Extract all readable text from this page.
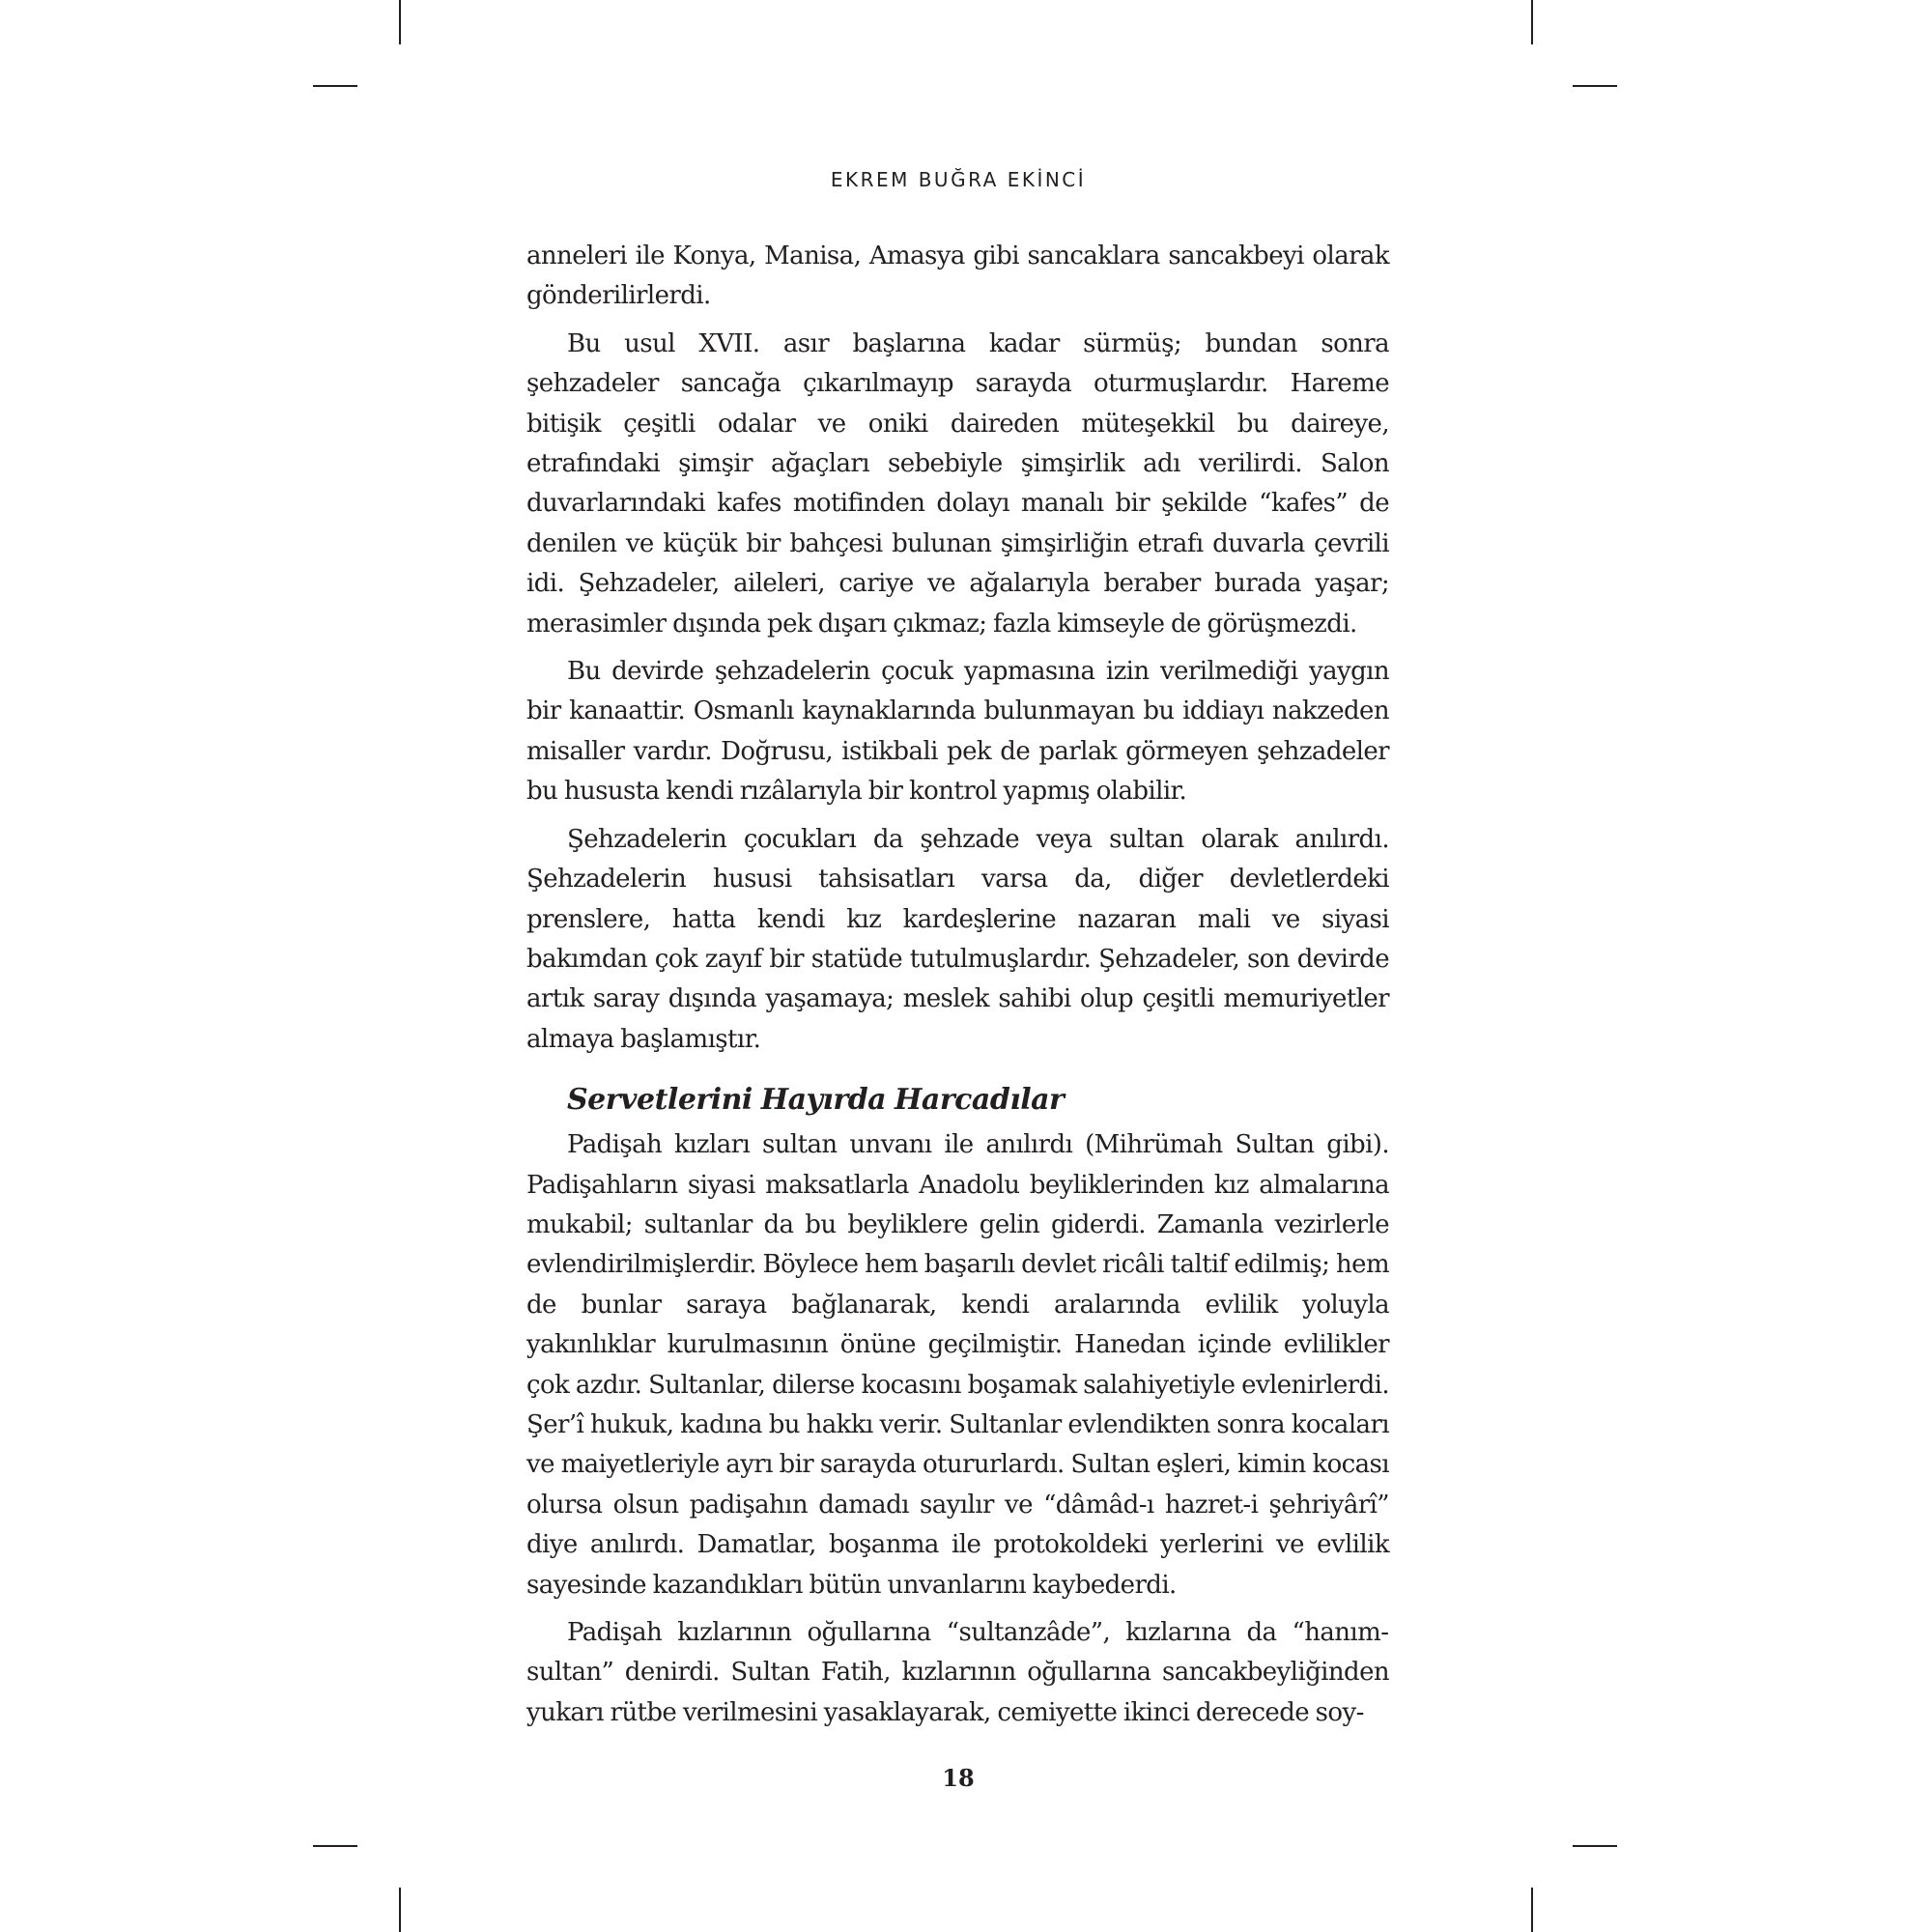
EKREM BUĞRA EKİNCİ

anneleri ile Konya, Manisa, Amasya gibi sancaklara sancakbeyi olarak gönderilirlerdi.

Bu usul XVII. asır başlarına kadar sürmüş; bundan sonra şehzadeler sancağa çıkarılmayıp sarayda oturmuşlardır. Hareme bitişik çeşitli odalar ve oniki daireden müteşekkil bu daireye, etrafındaki şimşir ağaçları sebebiyle şimşirlik adı verilirdi. Salon duvarlarındaki kafes motifinden dolayı manalı bir şekilde “kafes” de denilen ve küçük bir bahçesi bulunan şimşirliğin etrafı duvarla çevrili idi. Şehzadeler, aileleri, cariye ve ağalarıyla beraber burada yaşar; merasimler dışında pek dışarı çıkmaz; fazla kimseyle de görüşmezdi.

Bu devirde şehzadelerin çocuk yapmasına izin verilmediği yaygın bir kanaattir. Osmanlı kaynaklarında bulunmayan bu iddiayı nakzeden misaller vardır. Doğrusu, istikbali pek de parlak görmeyen şehzadeler bu hususta kendi rızâlarıyla bir kontrol yapmış olabilir.

Şehzadelerin çocukları da şehzade veya sultan olarak anılırdı. Şehzadelerin hususi tahsisatları varsa da, diğer devletlerdeki prenslere, hatta kendi kız kardeşlerine nazaran mali ve siyasi bakımdan çok zayıf bir statüde tutulmuşlardır. Şehzadeler, son devirde artık saray dışında yaşamaya; meslek sahibi olup çeşitli memuriyetler almaya başlamıştır.

Servetlerini Hayırda Harcadılar

Padişah kızları sultan unvanı ile anılırdı (Mihrümah Sultan gibi). Padişahların siyasi maksatlarla Anadolu beyliklerinden kız almalarına mukabil; sultanlar da bu beyliklere gelin giderdi. Zamanla vezirlerle evlendirilmişlerdir. Böylece hem başarılı devlet ricâli taltif edilmiş; hem de bunlar saraya bağlanarak, kendi aralarında evlilik yoluyla yakınlıklar kurulmasının önüne geçilmiştir. Hanedan içinde evlilikler çok azdır. Sultanlar, dilerse kocasını boşamak salahiyetiyle evlenirlerdi. Şer’î hukuk, kadına bu hakkı verir. Sultanlar evlendikten sonra kocaları ve maiyetleriyle ayrı bir sarayda otururlardı. Sultan eşleri, kimin kocası olursa olsun padişahın damadı sayılır ve “dâmâd-ı hazret-i şehriyârî” diye anılırdı. Damatlar, boşanma ile protokoldeki yerlerini ve evlilik sayesinde kazandıkları bütün unvanlarını kaybederdi.

Padişah kızlarının oğullarına “sultanzâde”, kızlarına da “hanımsultan” denirdi. Sultan Fatih, kızlarının oğullarına sancakbeyliğinden yukarı rütbe verilmesini yasaklayarak, cemiyette ikinci derecede soy-

18
